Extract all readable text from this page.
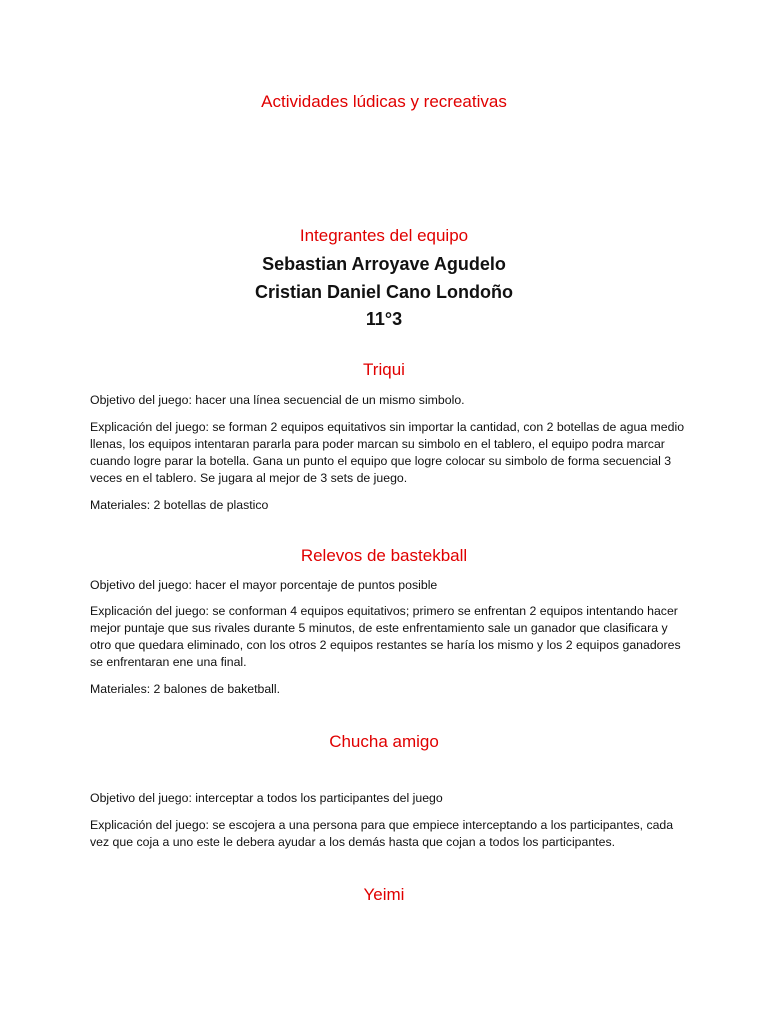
Actividades lúdicas y recreativas
Integrantes del equipo
Sebastian Arroyave Agudelo
Cristian Daniel Cano Londoño
11°3
Triqui
Objetivo del juego: hacer una línea secuencial de un mismo simbolo.
Explicación del juego: se forman 2 equipos equitativos sin importar la cantidad, con 2 botellas de agua medio llenas, los equipos intentaran pararla para poder marcan su simbolo en el tablero, el equipo podra marcar cuando logre parar la botella. Gana un punto el equipo que logre colocar su simbolo de forma secuencial 3 veces en el tablero. Se jugara al mejor de 3 sets de juego.
Materiales: 2 botellas de plastico
Relevos de bastekball
Objetivo del juego: hacer el mayor porcentaje de puntos posible
Explicación del juego: se conforman 4 equipos equitativos; primero se enfrentan 2 equipos intentando hacer mejor puntaje que sus rivales durante 5 minutos, de este enfrentamiento sale un ganador que clasificara y otro que quedara eliminado, con los otros 2 equipos restantes se haría los mismo y los 2 equipos ganadores se enfrentaran ene una final.
Materiales: 2 balones de baketball.
Chucha amigo
Objetivo del juego: interceptar a todos los participantes del juego
Explicación del juego: se escojera a una persona para que empiece interceptando a los participantes, cada vez que coja a uno este le debera ayudar a los demás hasta que cojan a todos los participantes.
Yeimi
